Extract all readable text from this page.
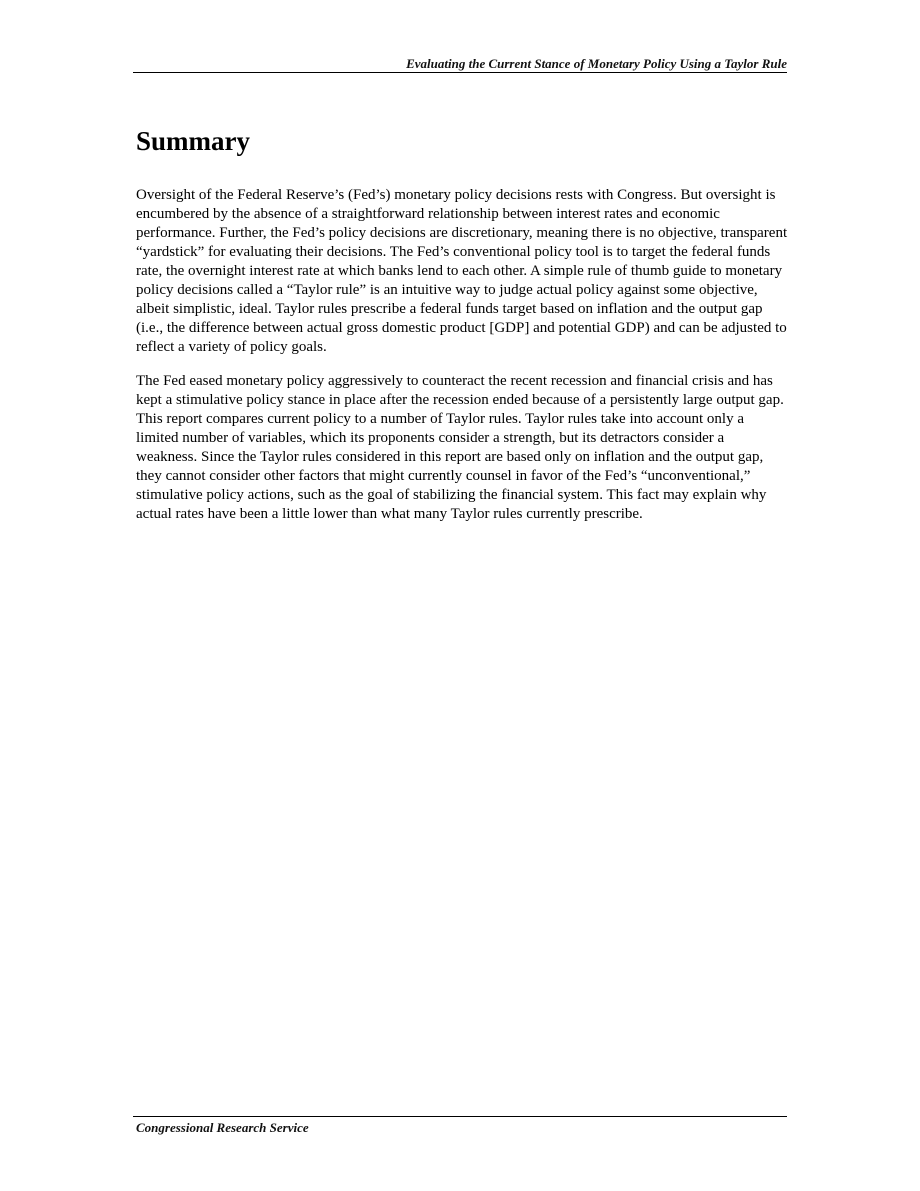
Evaluating the Current Stance of Monetary Policy Using a Taylor Rule
Summary

Oversight of the Federal Reserve’s (Fed’s) monetary policy decisions rests with Congress. But oversight is encumbered by the absence of a straightforward relationship between interest rates and economic performance. Further, the Fed’s policy decisions are discretionary, meaning there is no objective, transparent “yardstick” for evaluating their decisions. The Fed’s conventional policy tool is to target the federal funds rate, the overnight interest rate at which banks lend to each other. A simple rule of thumb guide to monetary policy decisions called a “Taylor rule” is an intuitive way to judge actual policy against some objective, albeit simplistic, ideal. Taylor rules prescribe a federal funds target based on inflation and the output gap (i.e., the difference between actual gross domestic product [GDP] and potential GDP) and can be adjusted to reflect a variety of policy goals.

The Fed eased monetary policy aggressively to counteract the recent recession and financial crisis and has kept a stimulative policy stance in place after the recession ended because of a persistently large output gap. This report compares current policy to a number of Taylor rules. Taylor rules take into account only a limited number of variables, which its proponents consider a strength, but its detractors consider a weakness. Since the Taylor rules considered in this report are based only on inflation and the output gap, they cannot consider other factors that might currently counsel in favor of the Fed’s “unconventional,” stimulative policy actions, such as the goal of stabilizing the financial system. This fact may explain why actual rates have been a little lower than what many Taylor rules currently prescribe.

Congressional Research Service
